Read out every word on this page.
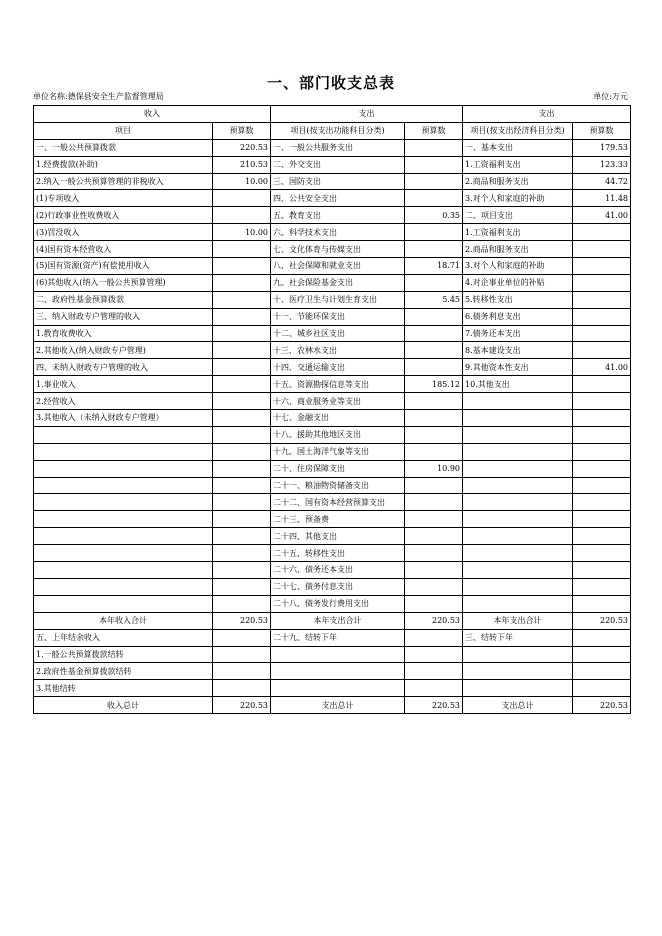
一、部门收支总表
单位名称:德保县安全生产监督管理局	单位:万元
收入		支出		支出	
项目	预算数	项目(按支出功能科目分类)	预算数	项目(按支出经济科目分类)	预算数
一、一般公共预算拨款	220.53	一、一般公共服务支出		一、基本支出	179.53
1.经费拨款(补助)	210.53	二、外交支出		1.工资福利支出	123.33
2.纳入一般公共预算管理的非税收入	10.00	三、国防支出		2.商品和服务支出	44.72
(1)专项收入		四、公共安全支出		3.对个人和家庭的补助	11.48
(2)行政事业性收费收入		五、教育支出	0.35	二、项目支出	41.00
(3)罚没收入	10.00	六、科学技术支出		1.工资福利支出	
(4)国有资本经营收入		七、文化体育与传媒支出		2.商品和服务支出	
(5)国有资源(资产)有偿使用收入		八、社会保障和就业支出	18.71	3.对个人和家庭的补助	
(6)其他收入(纳入一般公共预算管理)		九、社会保险基金支出		4.对企事业单位的补贴	
二、政府性基金预算拨款		十、医疗卫生与计划生育支出	5.45	5.转移性支出	
三、纳入财政专户管理的收入		十一、节能环保支出		6.债务利息支出	
1.教育收费收入		十二、城乡社区支出		7.债务还本支出	
2.其他收入(纳入财政专户管理)		十三、农林水支出		8.基本建设支出	
四、未纳入财政专户管理的收入		十四、交通运输支出		9.其他资本性支出	41.00
1.事业收入		十五、资源勘探信息等支出	185.12	10.其他支出	
2.经营收入		十六、商业服务业等支出			
3.其他收入（未纳入财政专户管理）		十七、金融支出			
		十八、援助其他地区支出			
		十九、国土海洋气象等支出			
		二十、住房保障支出	10.90		
		二十一、粮油物资储备支出			
		二十二、国有资本经营预算支出			
		二十三、预备费			
		二十四、其他支出			
		二十五、转移性支出			
		二十六、债务还本支出			
		二十七、债务付息支出			
		二十八、债务发行费用支出			
本年收入合计	220.53	本年支出合计	220.53	本年支出合计	220.53
五、上年结余收入		二十九、结转下年		三、结转下年	
1.一般公共预算拨款结转					
2.政府性基金预算拨款结转					
3.其他结转					
收入总计	220.53	支出总计	220.53	支出总计	220.53
